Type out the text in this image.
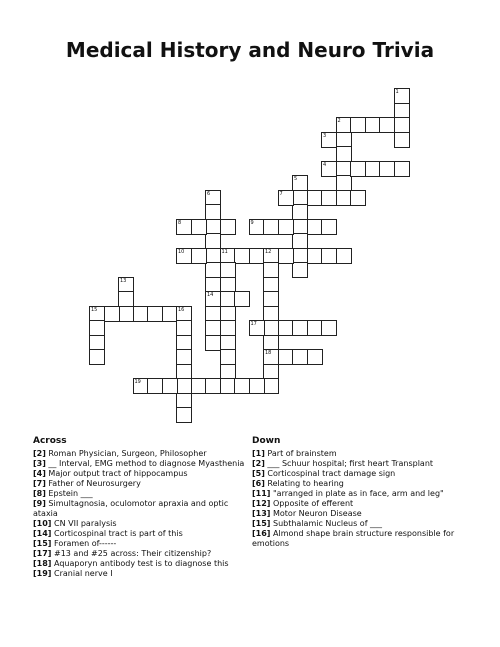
Medical History and Neuro Trivia
1
2
3
4
5
7
6
14
8	9
10	11	12
18
13
15	16
17
19
Across
[2] Roman Physician, Surgeon, Philosopher
[3] __ Interval, EMG method to diagnose Myasthenia
[4] Major output tract of hippocampus
[7] Father of Neurosurgery
[8] Epstein ___
[9] Simultagnosia, oculomotor apraxia and optic ataxia
[10] CN VII paralysis
[14] Corticospinal tract is part of this
[15] Foramen of------
[17] #13 and #25 across: Their citizenship?
[18] Aquaporyn antibody test is to diagnose this
[19] Cranial nerve I
Down
[1] Part of brainstem
[2] ___ Schuur hospital; first heart Transplant
[5] Corticospinal tract damage sign
[6] Relating to hearing
[11] "arranged in plate as in face, arm and leg"
[12] Opposite of efferent
[13] Motor Neuron Disease
[15] Subthalamic Nucleus of ___
[16] Almond shape brain structure responsible for emotions
